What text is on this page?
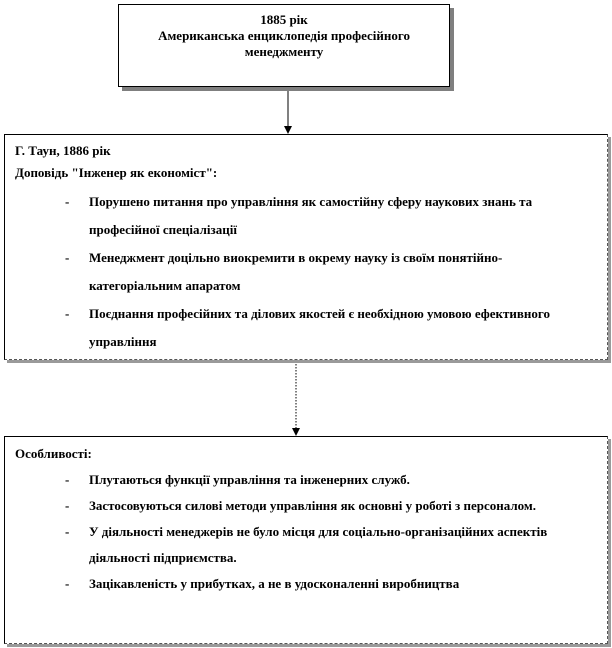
1885 рік
Американська енциклопедія професійного менеджменту
Г. Таун, 1886 рік
Доповідь "Інженер як економіст":
- Порушено питання про управління як самостійну сферу наукових знань та професійної спеціалізації
- Менеджмент доцільно виокремити в окрему науку із своїм понятійно-категоріальним апаратом
- Поєднання професійних та ділових якостей є необхідною умовою ефективного управління
Особливості:
- Плутаються функції управління та інженерних служб.
- Застосовуються силові методи управління як основні у роботі з персоналом.
- У діяльності менеджерів не було місця для соціально-організаційних аспектів діяльності підприємства.
- Зацікавленість у прибутках, а не в удосконаленні виробництва
